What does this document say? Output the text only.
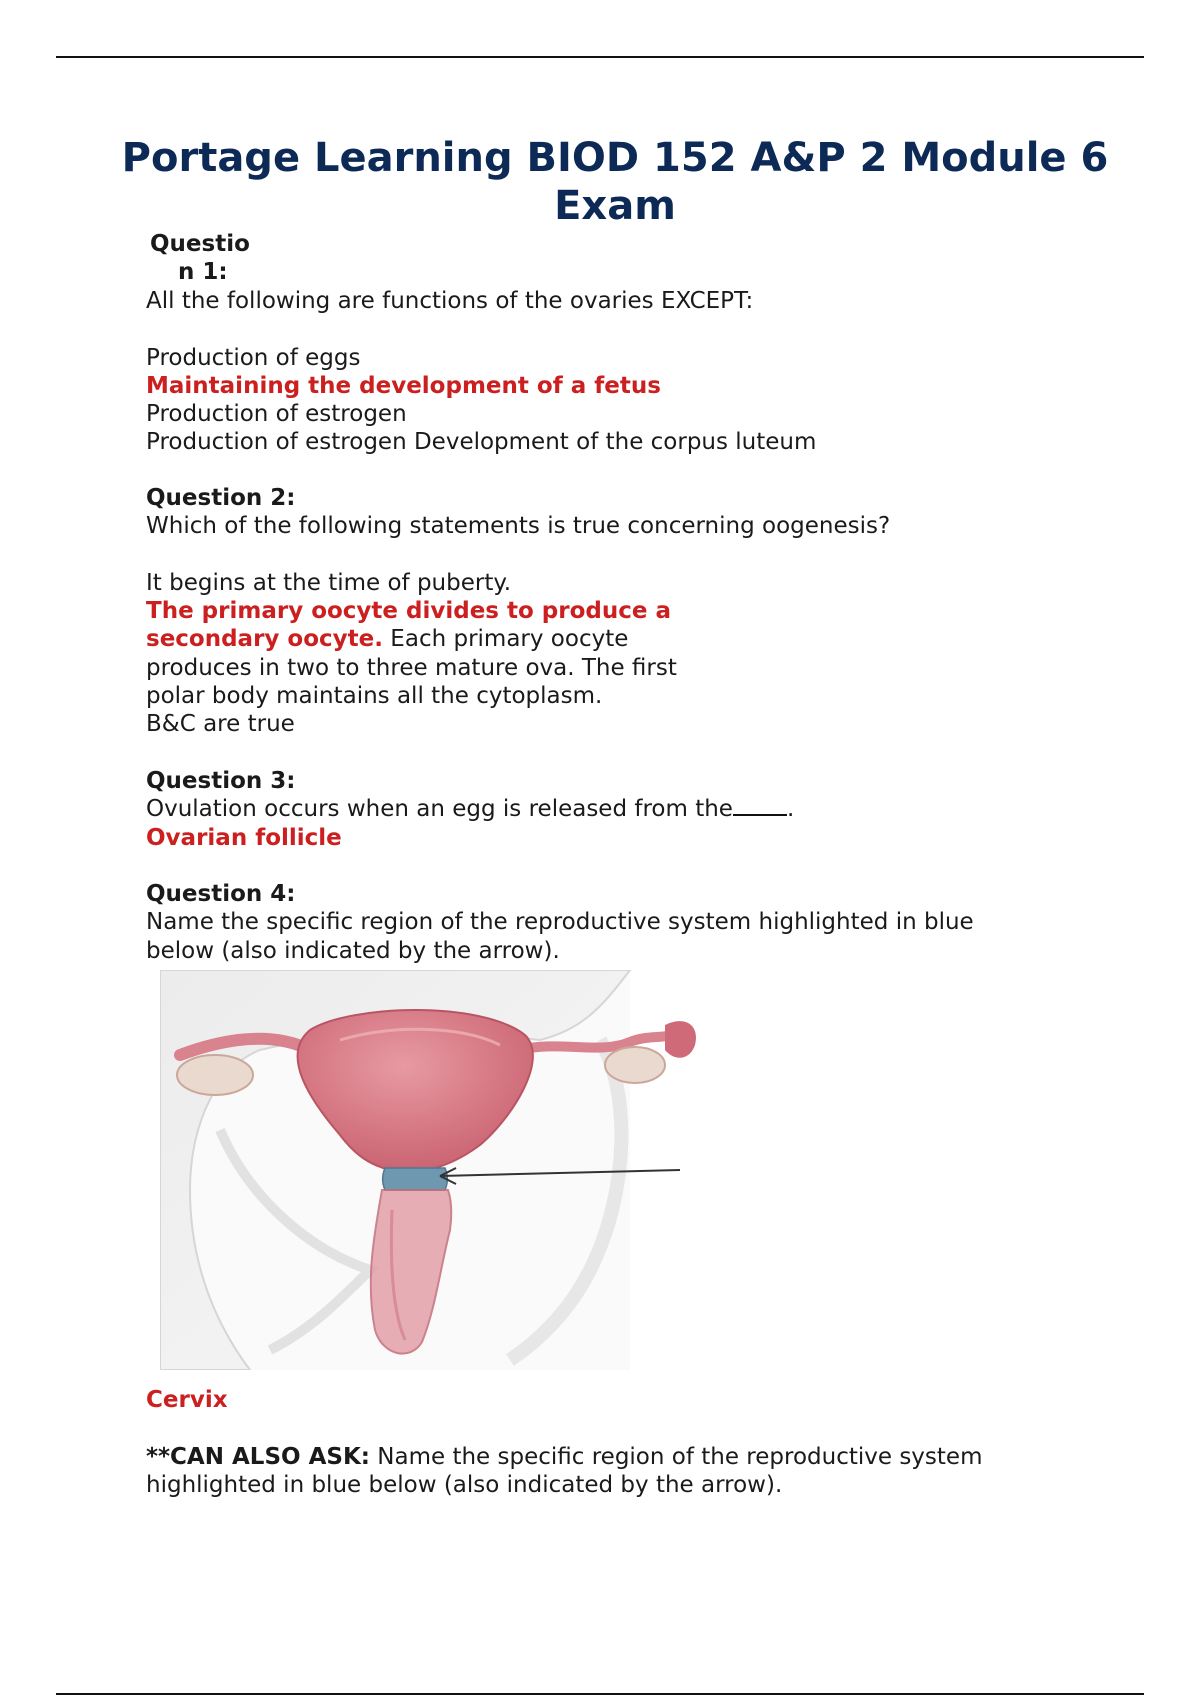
Portage Learning BIOD 152 A&P 2 Module 6 Exam
Questio
n 1:
All the following are functions of the ovaries EXCEPT:
Production of eggs
Maintaining the development of a fetus
Production of estrogen
Production of estrogen Development of the corpus luteum
Question 2:
Which of the following statements is true concerning oogenesis?
It begins at the time of puberty.
The primary oocyte divides to produce a
secondary oocyte. Each primary oocyte
produces in two to three mature ova. The first
polar body maintains all the cytoplasm.
B&C are true
Question 3:
Ovulation occurs when an egg is released from the .
Ovarian follicle
Question 4:
Name the specific region of the reproductive system highlighted in blue
below (also indicated by the arrow).
Cervix
**CAN ALSO ASK: Name the specific region of the reproductive system
highlighted in blue below (also indicated by the arrow).
